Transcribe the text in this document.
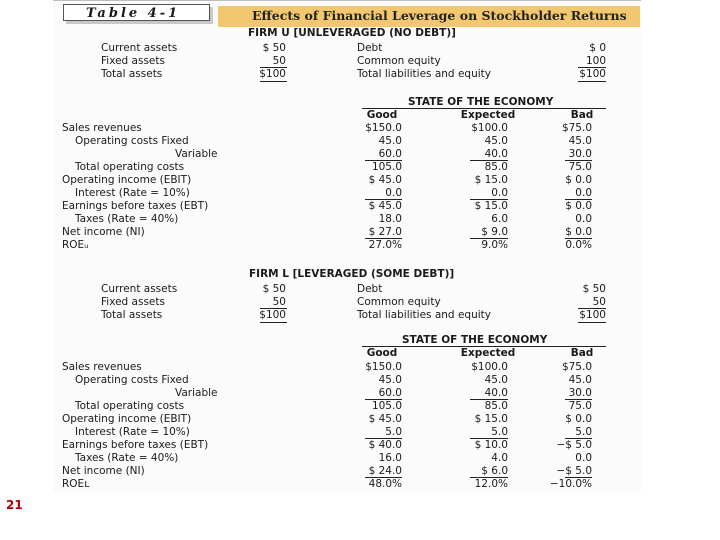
Table 4-1	Effects of Financial Leverage on Stockholder Returns
FIRM U [UNLEVERAGED (NO DEBT)]
Current assets	$ 50	Debt	$ 0
Fixed assets	50	Common equity	100
Total assets	$100	Total liabilities and equity	$100
STATE OF THE ECONOMY
Good	Expected	Bad
Sales revenues	$150.0	$100.0	$75.0
Operating costs Fixed	45.0	45.0	45.0
Variable	60.0	40.0	30.0
Total operating costs	105.0	85.0	75.0
Operating income (EBIT)	$ 45.0	$ 15.0	$ 0.0
Interest (Rate = 10%)	0.0	0.0	0.0
Earnings before taxes (EBT)	$ 45.0	$ 15.0	$ 0.0
Taxes (Rate = 40%)	18.0	6.0	0.0
Net income (NI)	$ 27.0	$ 9.0	$ 0.0
ROEᵤ	27.0%	9.0%	0.0%
FIRM L [LEVERAGED (SOME DEBT)]
Current assets	$ 50	Debt	$ 50
Fixed assets	50	Common equity	50
Total assets	$100	Total liabilities and equity	$100
STATE OF THE ECONOMY
Good	Expected	Bad
Sales revenues	$150.0	$100.0	$75.0
Operating costs Fixed	45.0	45.0	45.0
Variable	60.0	40.0	30.0
Total operating costs	105.0	85.0	75.0
Operating income (EBIT)	$ 45.0	$ 15.0	$ 0.0
Interest (Rate = 10%)	5.0	5.0	5.0
Earnings before taxes (EBT)	$ 40.0	$ 10.0	−$ 5.0
Taxes (Rate = 40%)	16.0	4.0	0.0
Net income (NI)	$ 24.0	$ 6.0	−$ 5.0
ROEʟ	48.0%	12.0%	−10.0%
21
